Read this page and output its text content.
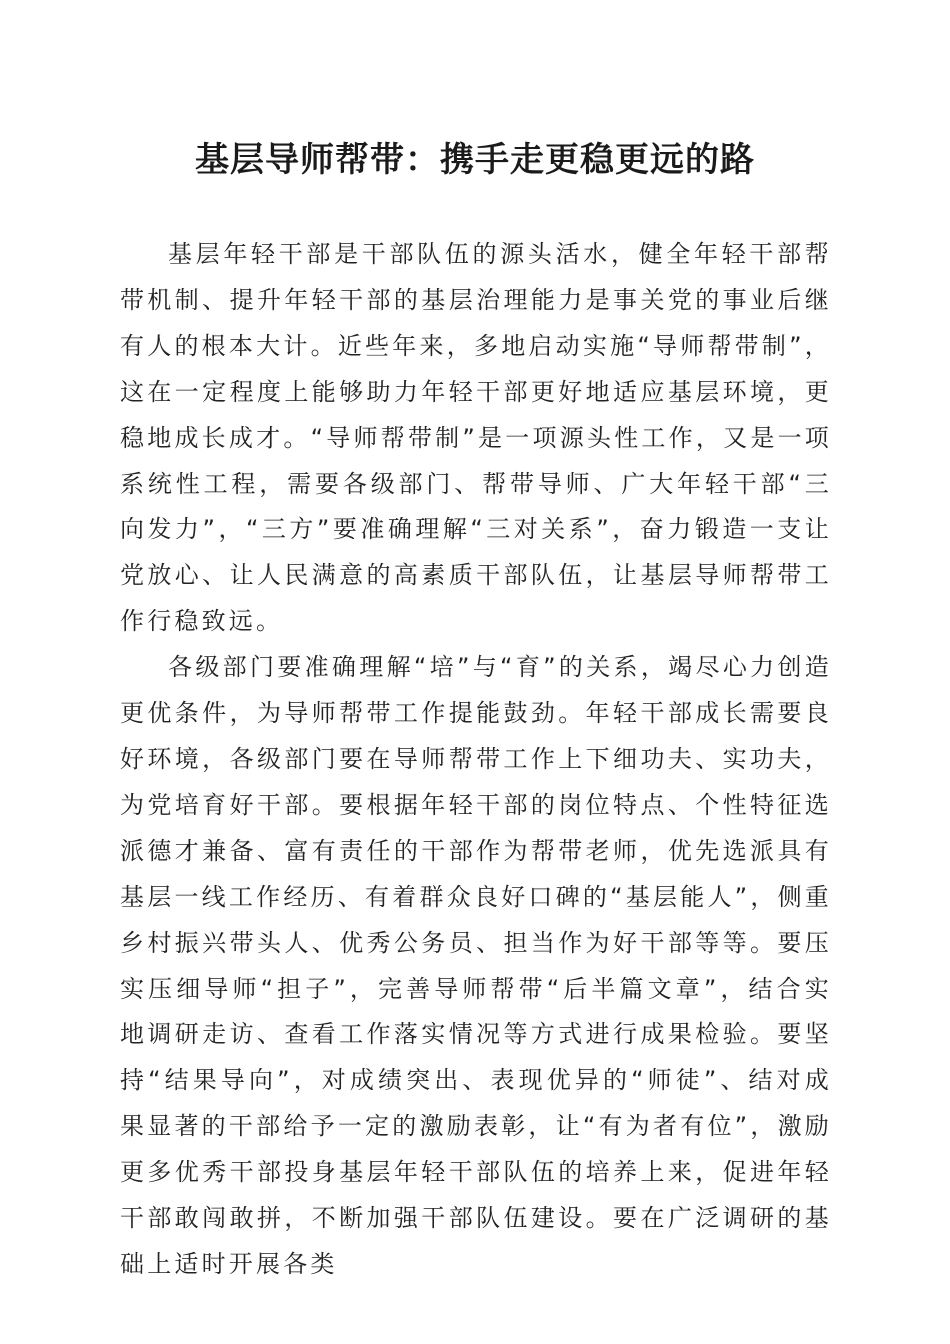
基层导师帮带：携手走更稳更远的路

基层年轻干部是干部队伍的源头活水，健全年轻干部帮带机制、提升年轻干部的基层治理能力是事关党的事业后继有人的根本大计。近些年来，多地启动实施“导师帮带制”，这在一定程度上能够助力年轻干部更好地适应基层环境，更稳地成长成才。“导师帮带制”是一项源头性工作，又是一项系统性工程，需要各级部门、帮带导师、广大年轻干部“三向发力”，“三方”要准确理解“三对关系”，奋力锻造一支让党放心、让人民满意的高素质干部队伍，让基层导师帮带工作行稳致远。

各级部门要准确理解“培”与“育”的关系，竭尽心力创造更优条件，为导师帮带工作提能鼓劲。年轻干部成长需要良好环境，各级部门要在导师帮带工作上下细功夫、实功夫，为党培育好干部。要根据年轻干部的岗位特点、个性特征选派德才兼备、富有责任的干部作为帮带老师，优先选派具有基层一线工作经历、有着群众良好口碑的“基层能人”，侧重乡村振兴带头人、优秀公务员、担当作为好干部等等。要压实压细导师“担子”，完善导师帮带“后半篇文章”，结合实地调研走访、查看工作落实情况等方式进行成果检验。要坚持“结果导向”，对成绩突出、表现优异的“师徒”、结对成果显著的干部给予一定的激励表彰，让“有为者有位”，激励更多优秀干部投身基层年轻干部队伍的培养上来，促进年轻干部敢闯敢拼，不断加强干部队伍建设。要在广泛调研的基础上适时开展各类
